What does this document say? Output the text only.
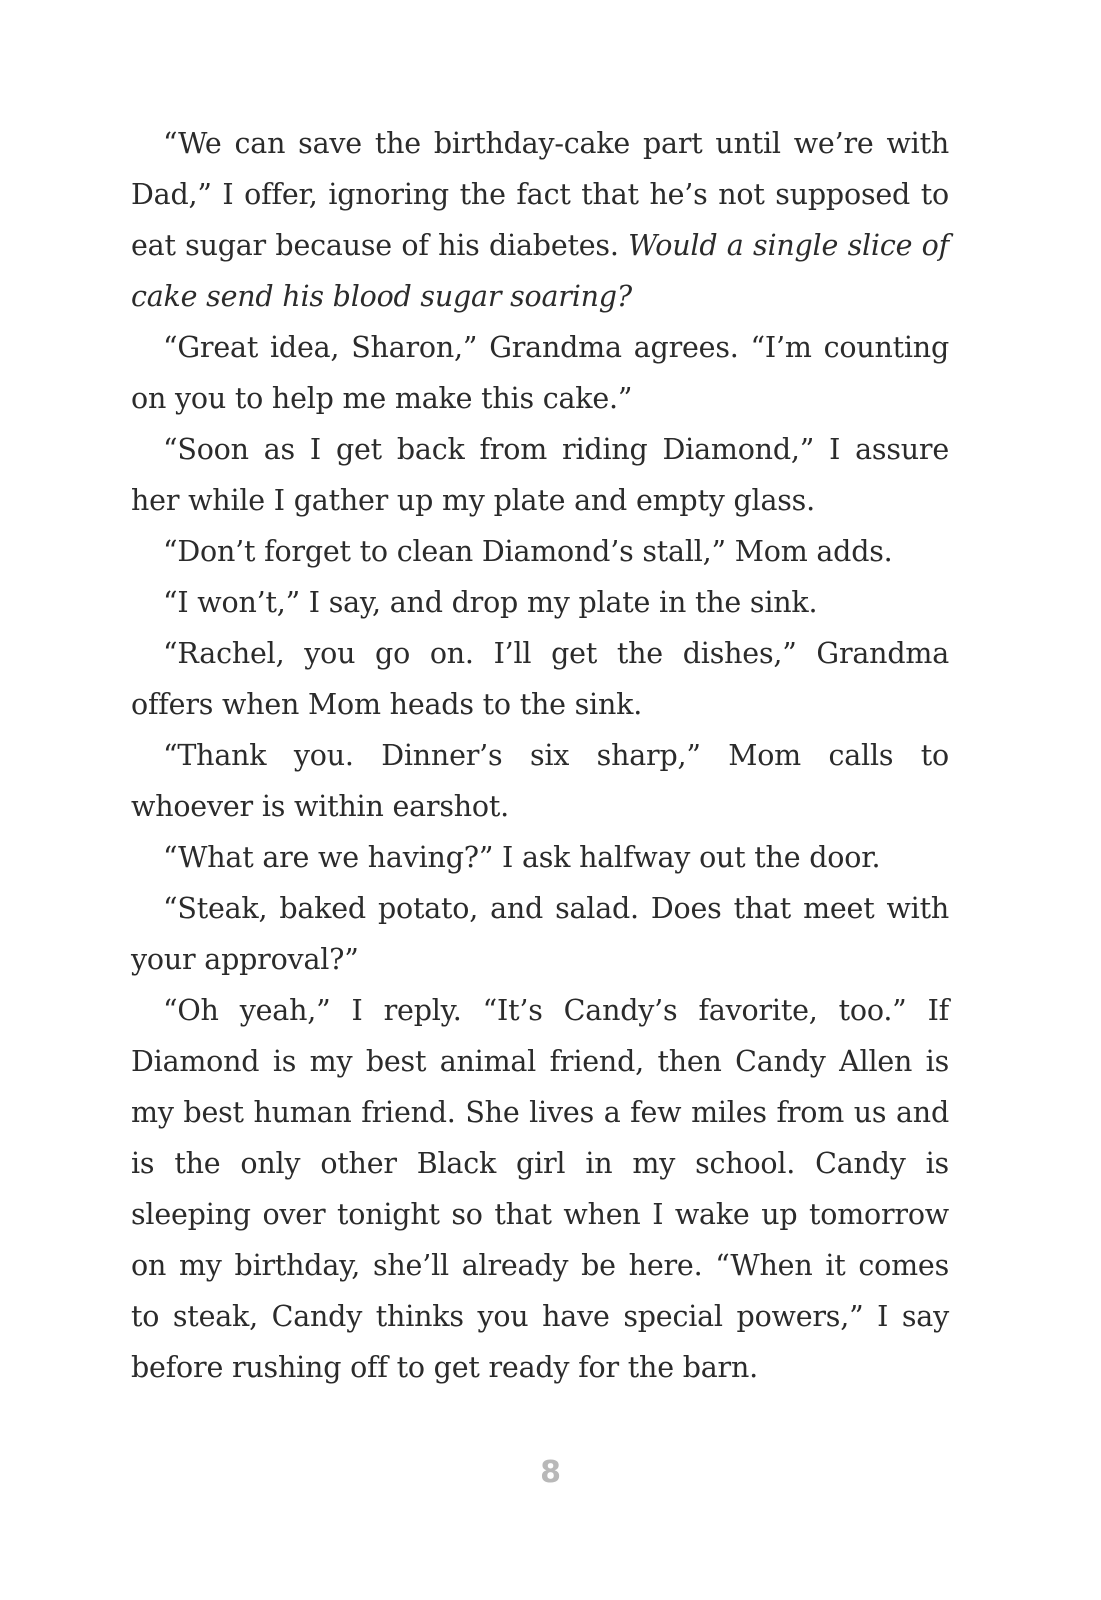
“We can save the birthday-cake part until we’re with Dad,” I offer, ignoring the fact that he’s not supposed to eat sugar because of his diabetes. Would a single slice of cake send his blood sugar soaring?

“Great idea, Sharon,” Grandma agrees. “I’m counting on you to help me make this cake.”

“Soon as I get back from riding Diamond,” I assure her while I gather up my plate and empty glass.

“Don’t forget to clean Diamond’s stall,” Mom adds.

“I won’t,” I say, and drop my plate in the sink.

“Rachel, you go on. I’ll get the dishes,” Grandma offers when Mom heads to the sink.

“Thank you. Dinner’s six sharp,” Mom calls to whoever is within earshot.

“What are we having?” I ask halfway out the door.

“Steak, baked potato, and salad. Does that meet with your approval?”

“Oh yeah,” I reply. “It’s Candy’s favorite, too.” If Diamond is my best animal friend, then Candy Allen is my best human friend. She lives a few miles from us and is the only other Black girl in my school. Candy is sleeping over tonight so that when I wake up tomorrow on my birthday, she’ll already be here. “When it comes to steak, Candy thinks you have special powers,” I say before rushing off to get ready for the barn.

8
